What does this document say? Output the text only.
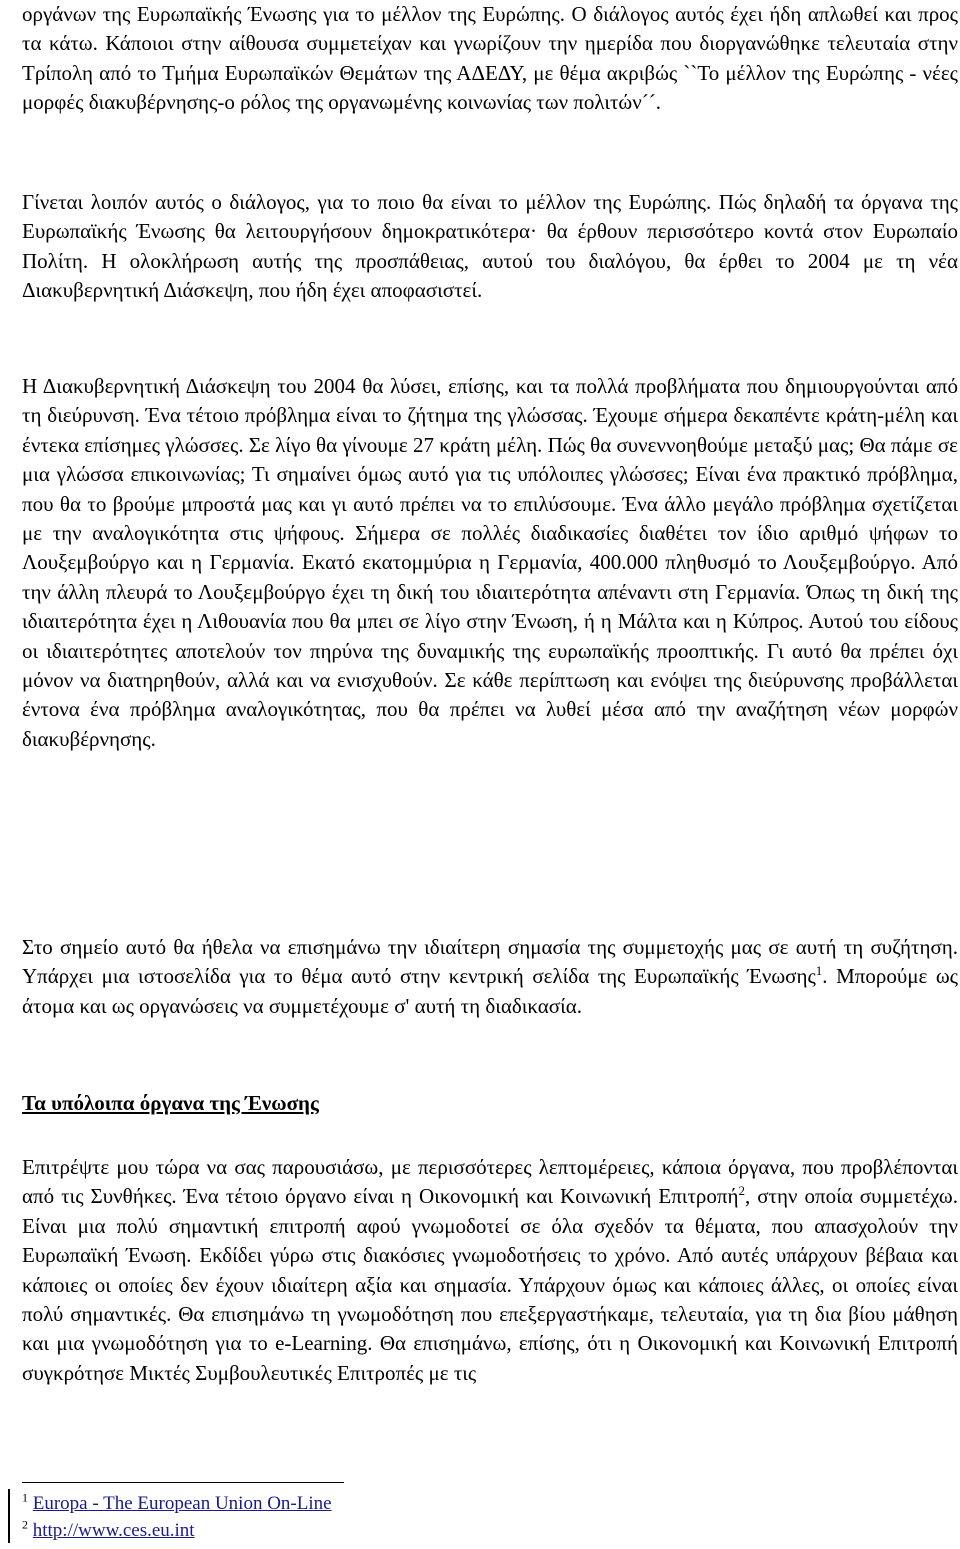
οργάνων της Ευρωπαϊκής Ένωσης για το μέλλον της Ευρώπης. Ο διάλογος αυτός έχει ήδη απλωθεί και προς τα κάτω. Κάποιοι στην αίθουσα συμμετείχαν και γνωρίζουν την ημερίδα που διοργανώθηκε τελευταία στην Τρίπολη από το Τμήμα Ευρωπαϊκών Θεμάτων της ΑΔΕΔΥ, με θέμα ακριβώς ``Το μέλλον της Ευρώπης - νέες μορφές διακυβέρνησης-ο ρόλος της οργανωμένης κοινωνίας των πολιτών´´.

Γίνεται λοιπόν αυτός ο διάλογος, για το ποιο θα είναι το μέλλον της Ευρώπης. Πώς δηλαδή τα όργανα της Ευρωπαϊκής Ένωσης θα λειτουργήσουν δημοκρατικότερα· θα έρθουν περισσότερο κοντά στον Ευρωπαίο Πολίτη. Η ολοκλήρωση αυτής της προσπάθειας, αυτού του διαλόγου, θα έρθει το 2004 με τη νέα Διακυβερνητική Διάσκεψη, που ήδη έχει αποφασιστεί.

Η Διακυβερνητική Διάσκεψη του 2004 θα λύσει, επίσης, και τα πολλά προβλήματα που δημιουργούνται από τη διεύρυνση. Ένα τέτοιο πρόβλημα είναι το ζήτημα της γλώσσας. Έχουμε σήμερα δεκαπέντε κράτη-μέλη και έντεκα επίσημες γλώσσες. Σε λίγο θα γίνουμε 27 κράτη μέλη. Πώς θα συνεννοηθούμε μεταξύ μας; Θα πάμε σε μια γλώσσα επικοινωνίας; Τι σημαίνει όμως αυτό για τις υπόλοιπες γλώσσες; Είναι ένα πρακτικό πρόβλημα, που θα το βρούμε μπροστά μας και γι αυτό πρέπει να το επιλύσουμε. Ένα άλλο μεγάλο πρόβλημα σχετίζεται με την αναλογικότητα στις ψήφους. Σήμερα σε πολλές διαδικασίες διαθέτει τον ίδιο αριθμό ψήφων το Λουξεμβούργο και η Γερμανία. Εκατό εκατομμύρια η Γερμανία, 400.000 πληθυσμό το Λουξεμβούργο. Από την άλλη πλευρά το Λουξεμβούργο έχει τη δική του ιδιαιτερότητα απέναντι στη Γερμανία. Όπως τη δική της ιδιαιτερότητα έχει η Λιθουανία που θα μπει σε λίγο στην Ένωση, ή η Μάλτα και η Κύπρος. Αυτού του είδους οι ιδιαιτερότητες αποτελούν τον πηρύνα της δυναμικής της ευρωπαϊκής προοπτικής. Γι αυτό θα πρέπει όχι μόνον να διατηρηθούν, αλλά και να ενισχυθούν. Σε κάθε περίπτωση και ενόψει της διεύρυνσης προβάλλεται έντονα ένα πρόβλημα αναλογικότητας, που θα πρέπει να λυθεί μέσα από την αναζήτηση νέων μορφών διακυβέρνησης.

Στο σημείο αυτό θα ήθελα να επισημάνω την ιδιαίτερη σημασία της συμμετοχής μας σε αυτή τη συζήτηση. Υπάρχει μια ιστοσελίδα για το θέμα αυτό στην κεντρική σελίδα της Ευρωπαϊκής Ένωσης$^1$. Μπορούμε ως άτομα και ως οργανώσεις να συμμετέχουμε σ' αυτή τη διαδικασία.

Τα υπόλοιπα όργανα της Ένωσης

Επιτρέψτε μου τώρα να σας παρουσιάσω, με περισσότερες λεπτομέρειες, κάποια όργανα, που προβλέπονται από τις Συνθήκες. Ένα τέτοιο όργανο είναι η Οικονομική και Κοινωνική Επιτροπή$^2$, στην οποία συμμετέχω. Είναι μια πολύ σημαντική επιτροπή αφού γνωμοδοτεί σε όλα σχεδόν τα θέματα, που απασχολούν την Ευρωπαϊκή Ένωση. Εκδίδει γύρω στις διακόσιες γνωμοδοτήσεις το χρόνο. Από αυτές υπάρχουν βέβαια και κάποιες οι οποίες δεν έχουν ιδιαίτερη αξία και σημασία. Υπάρχουν όμως και κάποιες άλλες, οι οποίες είναι πολύ σημαντικές. Θα επισημάνω τη γνωμοδότηση που επεξεργαστήκαμε, τελευταία, για τη δια βίου μάθηση και μια γνωμοδότηση για το e-Learning. Θα επισημάνω, επίσης, ότι η Οικονομική και Κοινωνική Επιτροπή συγκρότησε Μικτές Συμβουλευτικές Επιτροπές με τις

$^1$ Europa - The European Union On-Line
$^2$ http://www.ces.eu.int
